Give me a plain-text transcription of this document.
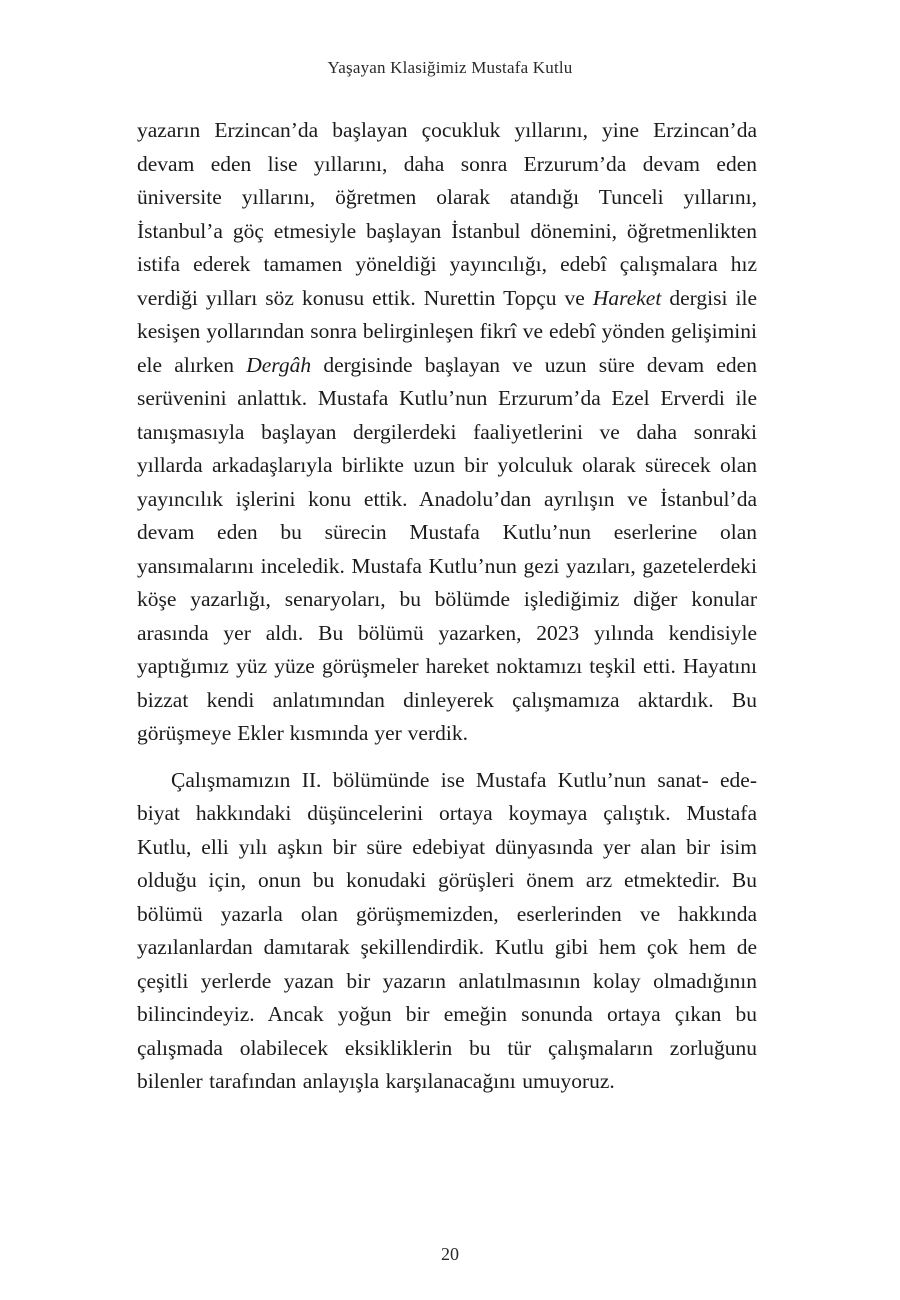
Yaşayan Klasiğimiz Mustafa Kutlu

yazarın Erzincan’da başlayan çocukluk yıllarını, yine Erzincan’da devam eden lise yıllarını, daha sonra Erzurum’da devam eden üniversite yıllarını, öğretmen olarak atandığı Tunceli yıllarını, İstanbul’a göç etmesiyle başlayan İstanbul dönemini, öğretmenlikten istifa ederek tamamen yöneldiği yayıncılığı, edebî çalışmalara hız verdiği yılları söz konusu ettik. Nurettin Topçu ve Hareket dergisi ile kesişen yollarından sonra belirginleşen fikrî ve edebî yönden gelişimini ele alırken Dergâh dergisinde başlayan ve uzun süre devam eden serüvenini anlattık. Mustafa Kutlu’nun Erzurum’da Ezel Erverdi ile tanışmasıyla başlayan dergilerdeki faaliyetlerini ve daha sonraki yıllarda arkadaşlarıyla birlikte uzun bir yolculuk olarak sürecek olan yayıncılık işlerini konu ettik. Anadolu’dan ayrılışın ve İstanbul’da devam eden bu sürecin Mustafa Kutlu’nun eserlerine olan yansımalarını inceledik. Mustafa Kutlu’nun gezi yazıları, gazetelerdeki köşe yazarlığı, senaryoları, bu bölümde işlediğimiz diğer konular arasında yer aldı. Bu bölümü yazarken, 2023 yılında kendisiyle yaptığımız yüz yüze görüşmeler hareket noktamızı teşkil etti. Hayatını bizzat kendi anlatımından dinleyerek çalışmamıza aktardık. Bu görüşmeye Ekler kısmında yer verdik.

Çalışmamızın II. bölümünde ise Mustafa Kutlu’nun sanat- edebiyat hakkındaki düşüncelerini ortaya koymaya çalıştık. Mustafa Kutlu, elli yılı aşkın bir süre edebiyat dünyasında yer alan bir isim olduğu için, onun bu konudaki görüşleri önem arz etmektedir. Bu bölümü yazarla olan görüşmemizden, eserlerinden ve hakkında yazılanlardan damıtarak şekillendirdik. Kutlu gibi hem çok hem de çeşitli yerlerde yazan bir yazarın anlatılmasının kolay olmadığının bilincindeyiz. Ancak yoğun bir emeğin sonunda ortaya çıkan bu çalışmada olabilecek eksikliklerin bu tür çalışmaların zorluğunu bilenler tarafından anlayışla karşılanacağını umuyoruz.

20
